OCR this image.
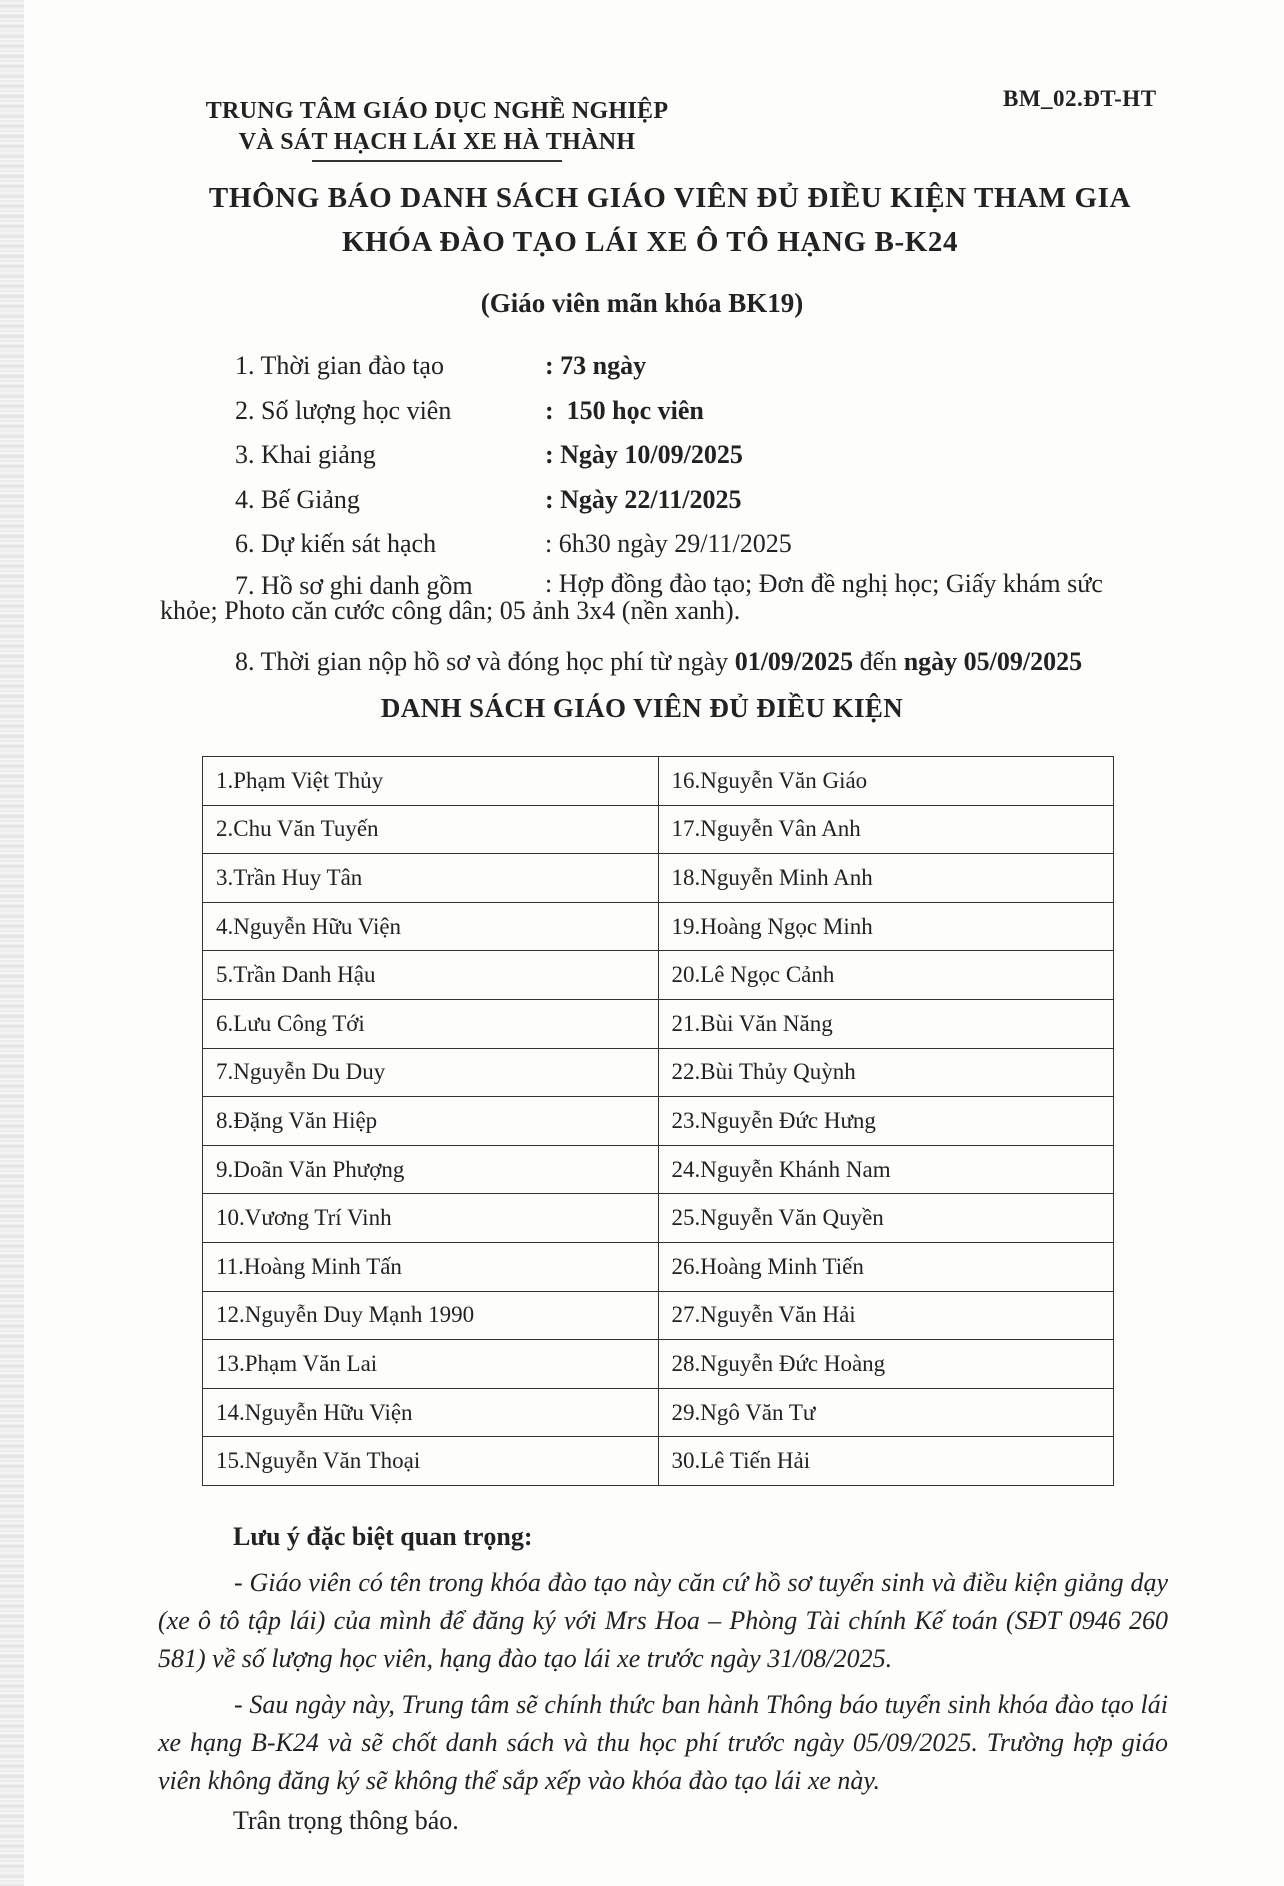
TRUNG TÂM GIÁO DỤC NGHỀ NGHIỆP
VÀ SÁT HẠCH LÁI XE HÀ THÀNH
BM_02.ĐT-HT
THÔNG BÁO DANH SÁCH GIÁO VIÊN ĐỦ ĐIỀU KIỆN THAM GIA
KHÓA ĐÀO TẠO LÁI XE Ô TÔ HẠNG B-K24
(Giáo viên mãn khóa BK19)
1. Thời gian đào tạo	: 73 ngày
2. Số lượng học viên	:  150 học viên
3. Khai giảng	: Ngày 10/09/2025
4. Bế Giảng	: Ngày 22/11/2025
6. Dự kiến sát hạch	: 6h30 ngày 29/11/2025
7. Hồ sơ ghi danh gồm	: Hợp đồng đào tạo; Đơn đề nghị học; Giấy khám sức
khỏe; Photo căn cước công dân; 05 ảnh 3x4 (nền xanh).
8. Thời gian nộp hồ sơ và đóng học phí từ ngày 01/09/2025 đến ngày 05/09/2025
DANH SÁCH GIÁO VIÊN ĐỦ ĐIỀU KIỆN
1.Phạm Việt Thủy	16.Nguyễn Văn Giáo
2.Chu Văn Tuyến	17.Nguyễn Vân Anh
3.Trần Huy Tân	18.Nguyễn Minh Anh
4.Nguyễn Hữu Viện	19.Hoàng Ngọc Minh
5.Trần Danh Hậu	20.Lê Ngọc Cảnh
6.Lưu Công Tới	21.Bùi Văn Năng
7.Nguyễn Du Duy	22.Bùi Thủy Quỳnh
8.Đặng Văn Hiệp	23.Nguyễn Đức Hưng
9.Doãn Văn Phượng	24.Nguyễn Khánh Nam
10.Vương Trí Vinh	25.Nguyễn Văn Quyền
11.Hoàng Minh Tấn	26.Hoàng Minh Tiến
12.Nguyễn Duy Mạnh 1990	27.Nguyễn Văn Hải
13.Phạm Văn Lai	28.Nguyễn Đức Hoàng
14.Nguyễn Hữu Viện	29.Ngô Văn Tư
15.Nguyễn Văn Thoại	30.Lê Tiến Hải
Lưu ý đặc biệt quan trọng:
- Giáo viên có tên trong khóa đào tạo này căn cứ hồ sơ tuyển sinh và điều kiện giảng dạy (xe ô tô tập lái) của mình để đăng ký với Mrs Hoa – Phòng Tài chính Kế toán (SĐT 0946 260 581) về số lượng học viên, hạng đào tạo lái xe trước ngày 31/08/2025.
- Sau ngày này, Trung tâm sẽ chính thức ban hành Thông báo tuyển sinh khóa đào tạo lái xe hạng B-K24 và sẽ chốt danh sách và thu học phí trước ngày 05/09/2025. Trường hợp giáo viên không đăng ký sẽ không thể sắp xếp vào khóa đào tạo lái xe này.
Trân trọng thông báo.
